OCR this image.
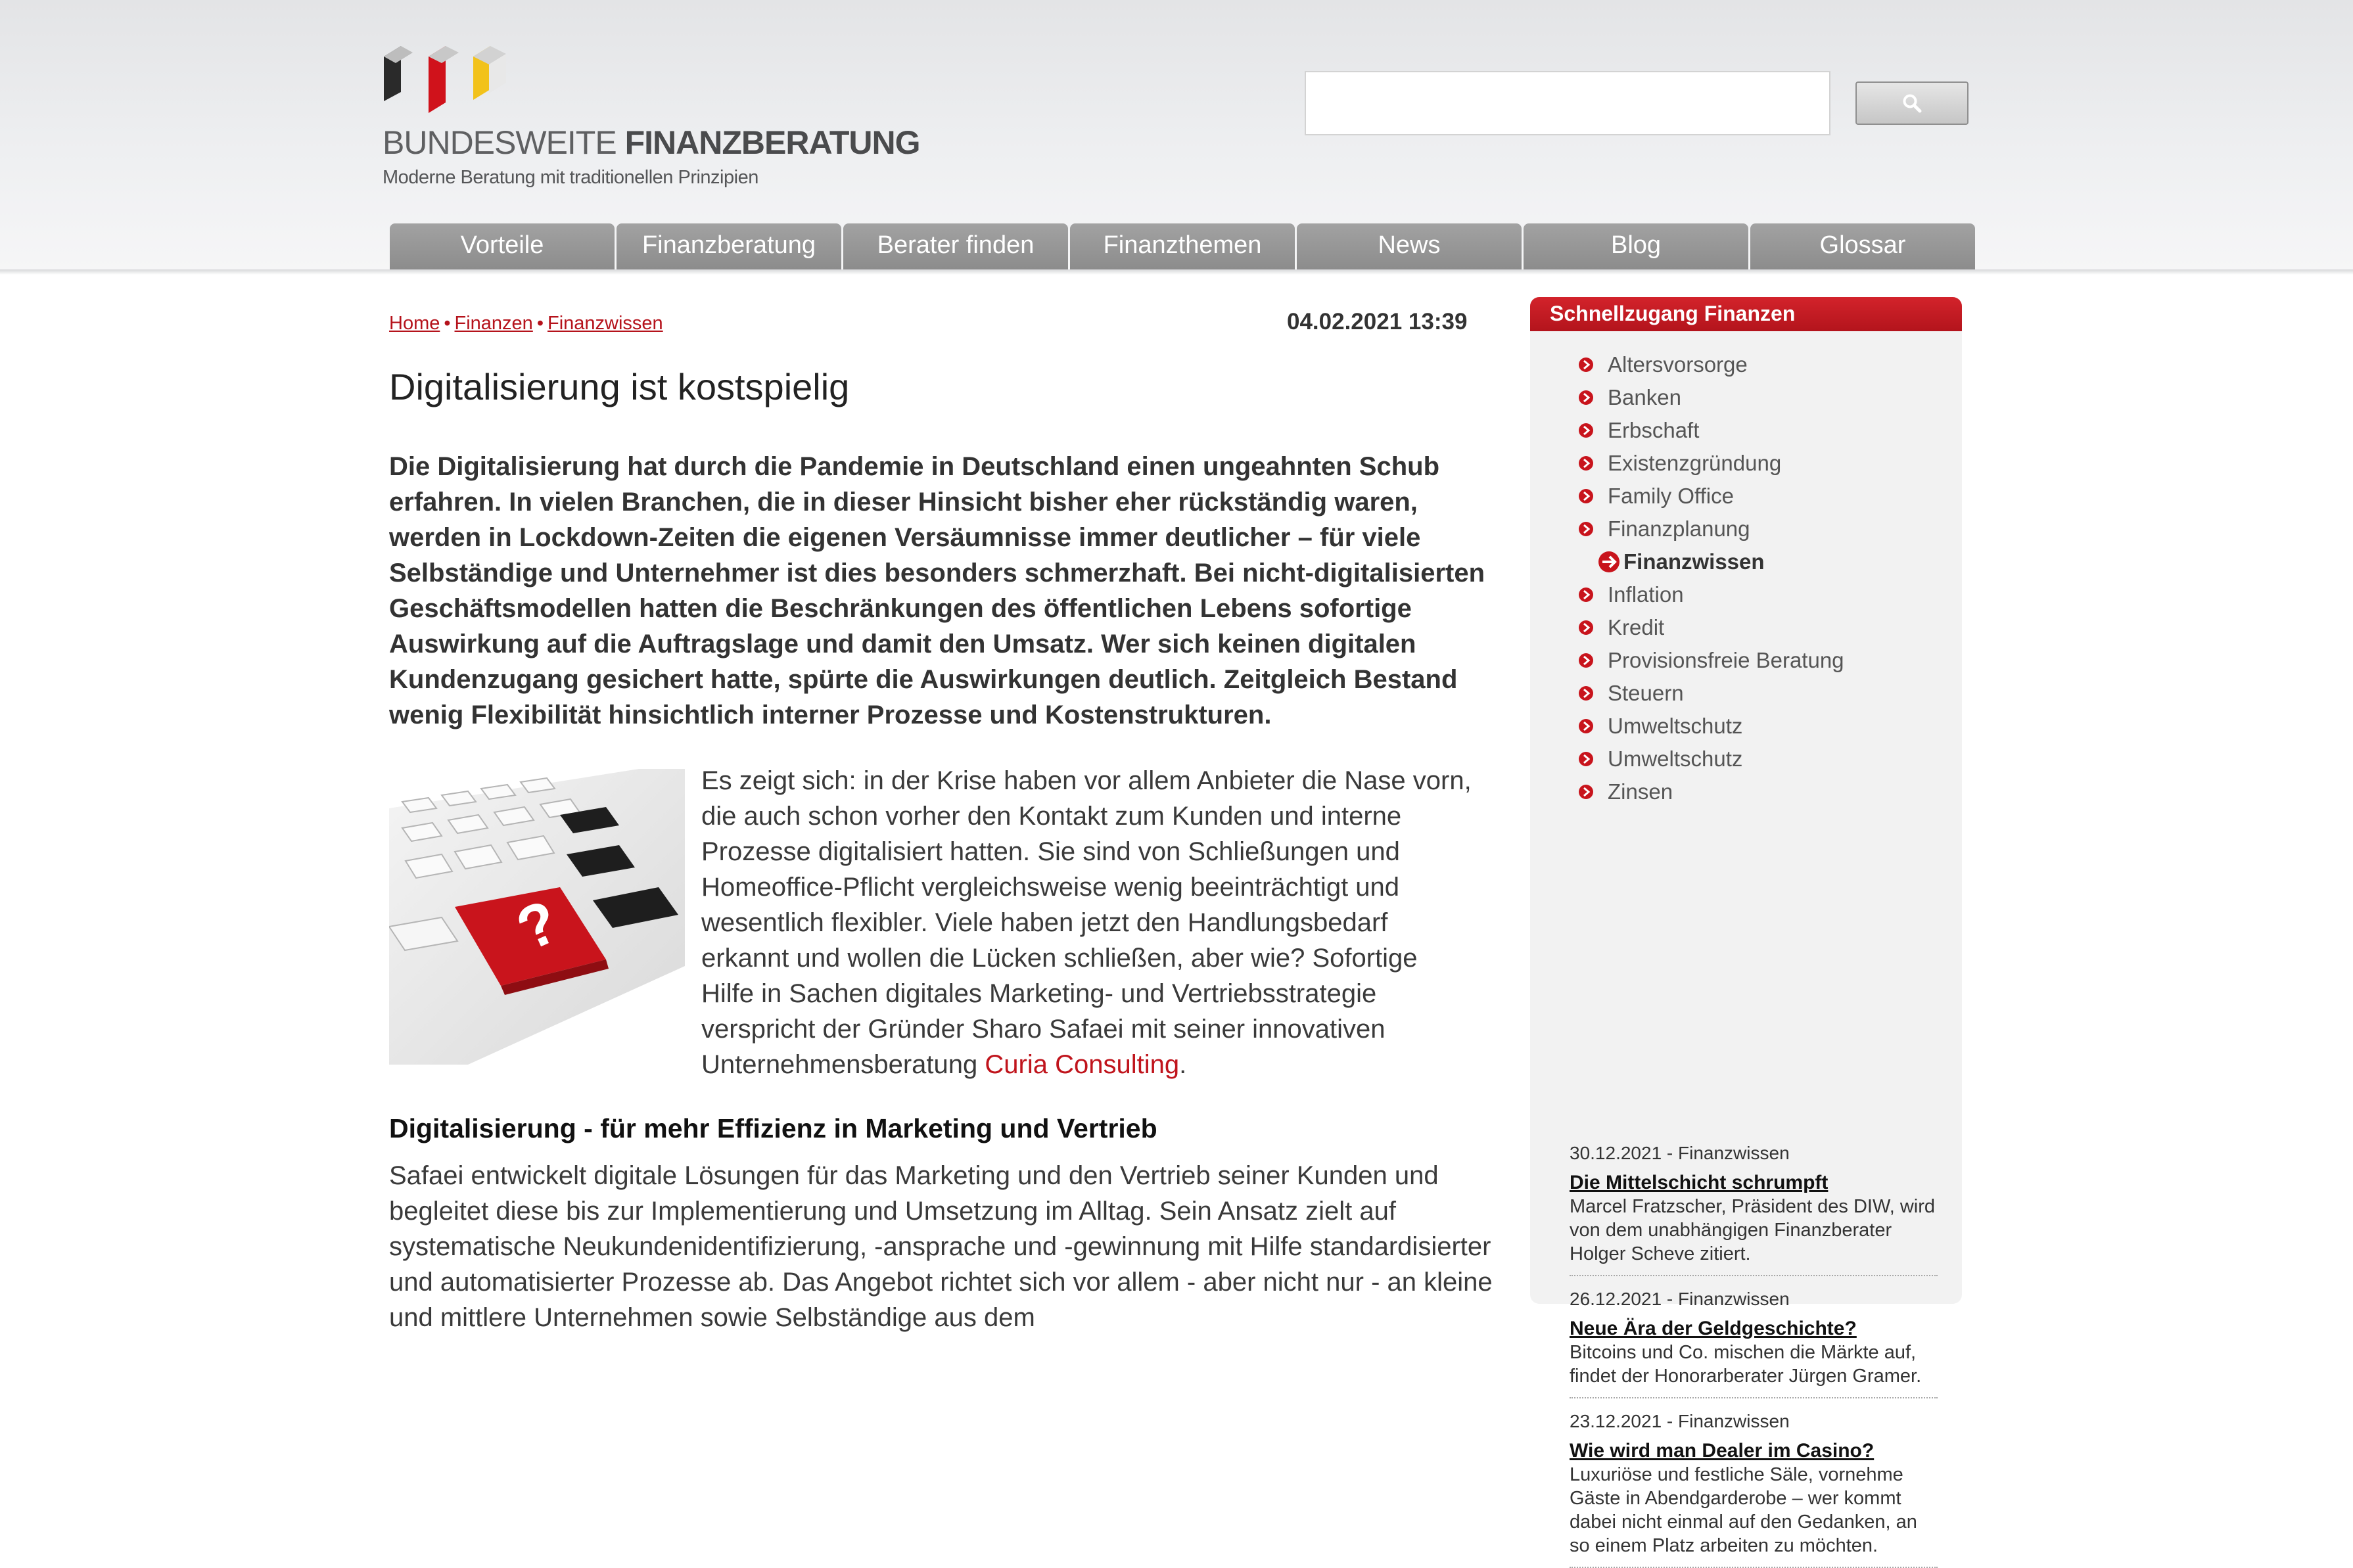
BUNDESWEITE FINANZBERATUNG
Moderne Beratung mit traditionellen Prinzipien
Vorteile	Finanzberatung	Berater finden	Finanzthemen	News	Blog	Glossar
Home • Finanzen • Finanzwissen	04.02.2021 13:39
Digitalisierung ist kostspielig

Die Digitalisierung hat durch die Pandemie in Deutschland einen ungeahnten Schub erfahren. In vielen Branchen, die in dieser Hinsicht bisher eher rückständig waren, werden in Lockdown-Zeiten die eigenen Versäumnisse immer deutlicher – für viele Selbständige und Unternehmer ist dies besonders schmerzhaft. Bei nicht-digitalisierten Geschäftsmodellen hatten die Beschränkungen des öffentlichen Lebens sofortige Auswirkung auf die Auftragslage und damit den Umsatz. Wer sich keinen digitalen Kundenzugang gesichert hatte, spürte die Auswirkungen deutlich. Zeitgleich Bestand wenig Flexibilität hinsichtlich interner Prozesse und Kostenstrukturen.

?

Es zeigt sich: in der Krise haben vor allem Anbieter die Nase vorn, die auch schon vorher den Kontakt zum Kunden und interne Prozesse digitalisiert hatten. Sie sind von Schließungen und Homeoffice-Pflicht vergleichsweise wenig beeinträchtigt und wesentlich flexibler. Viele haben jetzt den Handlungsbedarf erkannt und wollen die Lücken schließen, aber wie? Sofortige Hilfe in Sachen digitales Marketing- und Vertriebsstrategie verspricht der Gründer Sharo Safaei mit seiner innovativen Unternehmensberatung Curia Consulting.

Digitalisierung - für mehr Effizienz in Marketing und Vertrieb

Safaei entwickelt digitale Lösungen für das Marketing und den Vertrieb seiner Kunden und begleitet diese bis zur Implementierung und Umsetzung im Alltag. Sein Ansatz zielt auf systematische Neukundenidentifizierung, -ansprache und -gewinnung mit Hilfe standardisierter und automatisierter Prozesse ab. Das Angebot richtet sich vor allem - aber nicht nur - an kleine und mittlere Unternehmen sowie Selbständige aus dem

Schnellzugang Finanzen
Altersvorsorge
Banken
Erbschaft
Existenzgründung
Family Office
Finanzplanung
Finanzwissen
Inflation
Kredit
Provisionsfreie Beratung
Steuern
Umweltschutz
Umweltschutz
Zinsen
30.12.2021 - Finanzwissen
Die Mittelschicht schrumpft
Marcel Fratzscher, Präsident des DIW, wird von dem unabhängigen Finanzberater Holger Scheve zitiert.
26.12.2021 - Finanzwissen
Neue Ära der Geldgeschichte?
Bitcoins und Co. mischen die Märkte auf, findet der Honorarberater Jürgen Gramer.
23.12.2021 - Finanzwissen
Wie wird man Dealer im Casino?
Luxuriöse und festliche Säle, vornehme Gäste in Abendgarderobe – wer kommt dabei nicht einmal auf den Gedanken, an so einem Platz arbeiten zu möchten.
